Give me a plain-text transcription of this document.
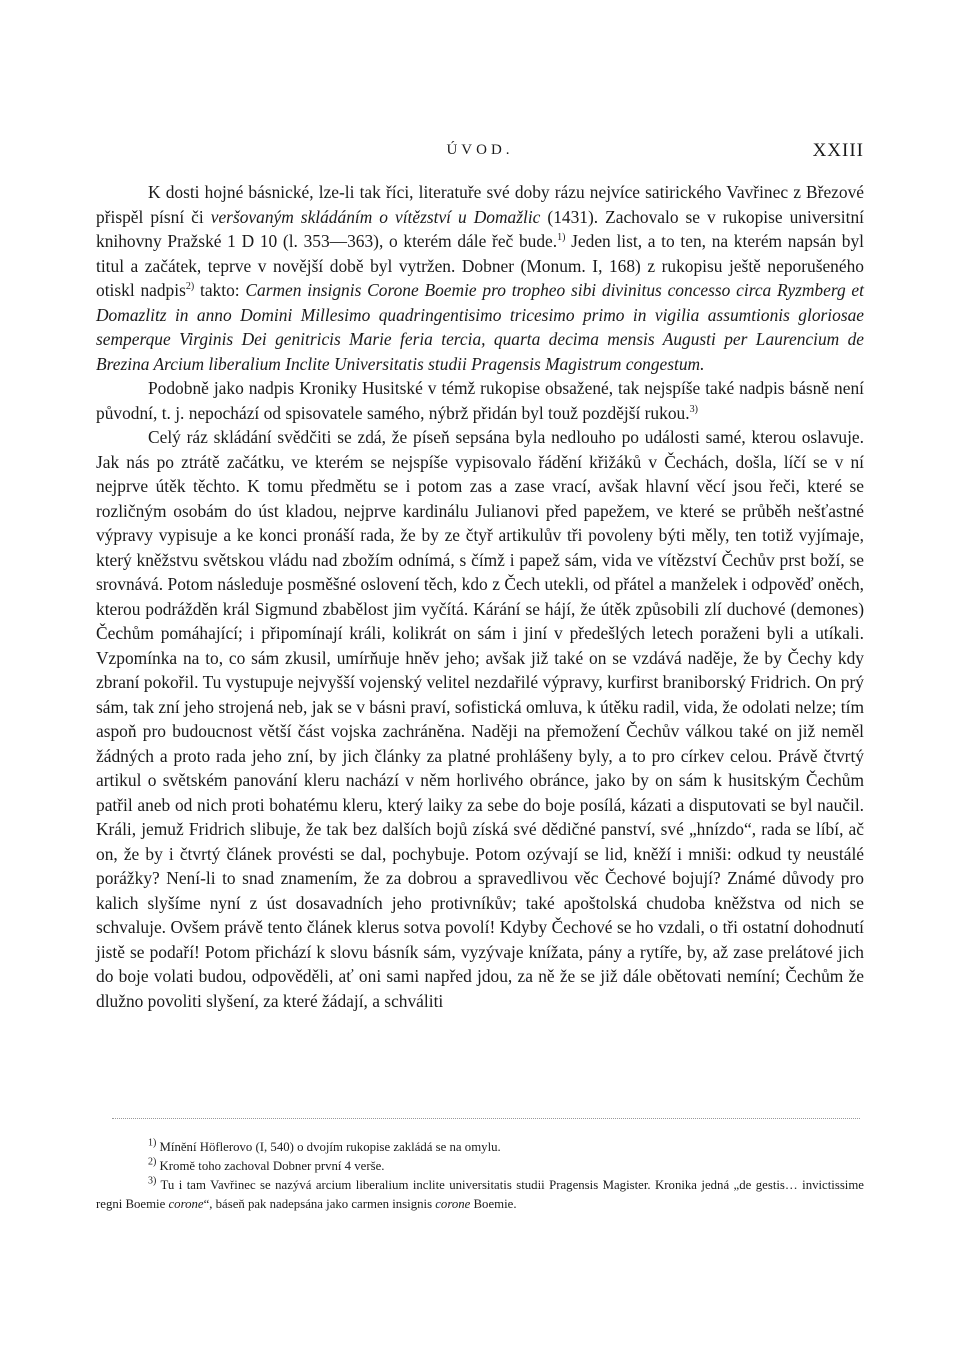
ÚVOD.	XXIII

K dosti hojné básnické, lze-li tak říci, literatuře své doby rázu nejvíce satirického Vavřinec z Březové přispěl písní či veršovaným skládáním o vítězství u Domažlic (1431). Zachovalo se v rukopise universitní knihovny Pražské 1 D 10 (l. 353—363), o kterém dále řeč bude.$^{1)}$ Jeden list, a to ten, na kterém napsán byl titul a začátek, teprve v novější době byl vytržen. Dobner (Monum. I, 168) z rukopisu ještě neporušeného otiskl nadpis$^{2)}$ takto: Carmen insignis Corone Boemie pro tropheo sibi divinitus concesso circa Ryzmberg et Domazlitz in anno Domini Millesimo quadringentisimo tricesimo primo in vigilia assumtionis gloriosae semperque Virginis Dei genitricis Marie feria tercia, quarta decima mensis Augusti per Laurencium de Brezina Arcium liberalium Inclite Universitatis studii Pragensis Magistrum congestum.

Podobně jako nadpis Kroniky Husitské v témž rukopise obsažené, tak nejspíše také nadpis básně není původní, t. j. nepochází od spisovatele samého, nýbrž přidán byl touž pozdější rukou.$^{3)}$

Celý ráz skládání svědčiti se zdá, že píseň sepsána byla nedlouho po události samé, kterou oslavuje. Jak nás po ztrátě začátku, ve kterém se nejspíše vypisovalo řádění křižáků v Čechách, došla, líčí se v ní nejprve útěk těchto. K tomu předmětu se i potom zas a zase vrací, avšak hlavní věcí jsou řeči, které se rozličným osobám do úst kladou, nejprve kardinálu Julianovi před papežem, ve které se průběh nešťastné výpravy vypisuje a ke konci pronáší rada, že by ze čtyř artikulův tři povoleny býti měly, ten totiž vyjímaje, který kněžstvu světskou vládu nad zbožím odnímá, s čímž i papež sám, vida ve vítězství Čechův prst boží, se srovnává. Potom následuje posměšné oslovení těch, kdo z Čech utekli, od přátel a manželek i odpověď oněch, kterou podrážděn král Sigmund zbabělost jim vyčítá. Kárání se hájí, že útěk způsobili zlí duchové (demones) Čechům pomáhající; i připomínají králi, kolikrát on sám i jiní v předešlých letech poraženi byli a utíkali. Vzpomínka na to, co sám zkusil, umírňuje hněv jeho; avšak již také on se vzdává naděje, že by Čechy kdy zbraní pokořil. Tu vystupuje nejvyšší vojenský velitel nezdařilé výpravy, kurfirst braniborský Fridrich. On prý sám, tak zní jeho strojená neb, jak se v básni praví, sofistická omluva, k útěku radil, vida, že odolati nelze; tím aspoň pro budoucnost větší část vojska zachráněna. Naději na přemožení Čechův válkou také on již neměl žádných a proto rada jeho zní, by jich články za platné prohlášeny byly, a to pro církev celou. Právě čtvrtý artikul o světském panování kleru nachází v něm horlivého obránce, jako by on sám k husitským Čechům patřil aneb od nich proti bohatému kleru, který laiky za sebe do boje posílá, kázati a disputovati se byl naučil. Králi, jemuž Fridrich slibuje, že tak bez dalších bojů získá své dědičné panství, své „hnízdo“, rada se líbí, ač on, že by i čtvrtý článek provésti se dal, pochybuje. Potom ozývají se lid, kněží i mniši: odkud ty neustálé porážky? Není-li to snad znamením, že za dobrou a spravedlivou věc Čechové bojují? Známé důvody pro kalich slyšíme nyní z úst dosavadních jeho protivníkův; také apoštolská chudoba kněžstva od nich se schvaluje. Ovšem právě tento článek klerus sotva povolí! Kdyby Čechové se ho vzdali, o tři ostatní dohodnutí jistě se podaří! Potom přichází k slovu básník sám, vyzývaje knížata, pány a rytíře, by, až zase prelátové jich do boje volati budou, odpověděli, ať oni sami napřed jdou, za ně že se již dále obětovati nemíní; Čechům že dlužno povoliti slyšení, za které žádají, a schváliti

$^{1)}$ Mínění Höflerovo (I, 540) o dvojím rukopise zakládá se na omylu.

$^{2)}$ Kromě toho zachoval Dobner první 4 verše.

$^{3)}$ Tu i tam Vavřinec se nazývá arcium liberalium inclite universitatis studii Pragensis Magister. Kronika jedná „de gestis… invictissime regni Boemie corone“, báseň pak nadepsána jako carmen insignis corone Boemie.
